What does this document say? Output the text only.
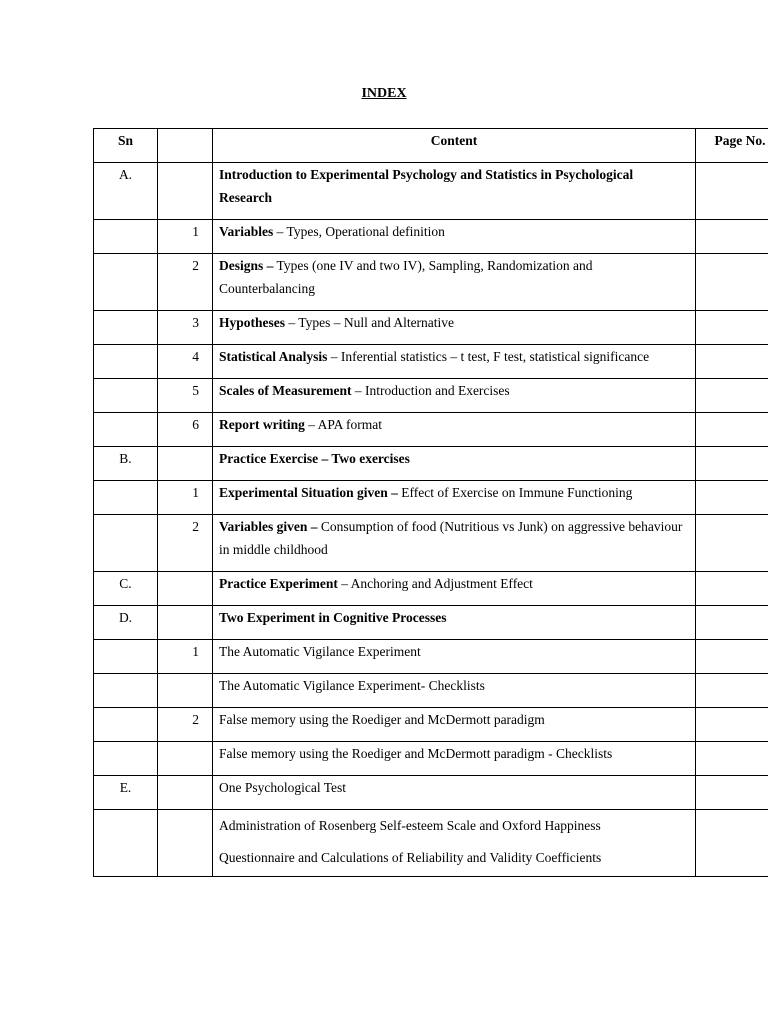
INDEX
Sn		Content	Page No.
A.		Introduction to Experimental Psychology and Statistics in Psychological Research	
	1	Variables – Types, Operational definition	
	2	Designs – Types (one IV and two IV), Sampling, Randomization and Counterbalancing	
	3	Hypotheses – Types – Null and Alternative	
	4	Statistical Analysis – Inferential statistics – t test, F test, statistical significance	
	5	Scales of Measurement – Introduction and Exercises	
	6	Report writing – APA format	
B.		Practice Exercise – Two exercises	
	1	Experimental Situation given – Effect of Exercise on Immune Functioning	
	2	Variables given – Consumption of food (Nutritious vs Junk) on aggressive behaviour in middle childhood	
C.		Practice Experiment – Anchoring and Adjustment Effect	
D.		Two Experiment in Cognitive Processes	
	1	The Automatic Vigilance Experiment	
		The Automatic Vigilance Experiment- Checklists	
	2	False memory using the Roediger and McDermott paradigm	
		False memory using the Roediger and McDermott paradigm - Checklists	
E.		One Psychological Test	

		Administration of Rosenberg Self-esteem Scale and Oxford Happiness
Questionnaire and Calculations of Reliability and Validity Coefficients	
